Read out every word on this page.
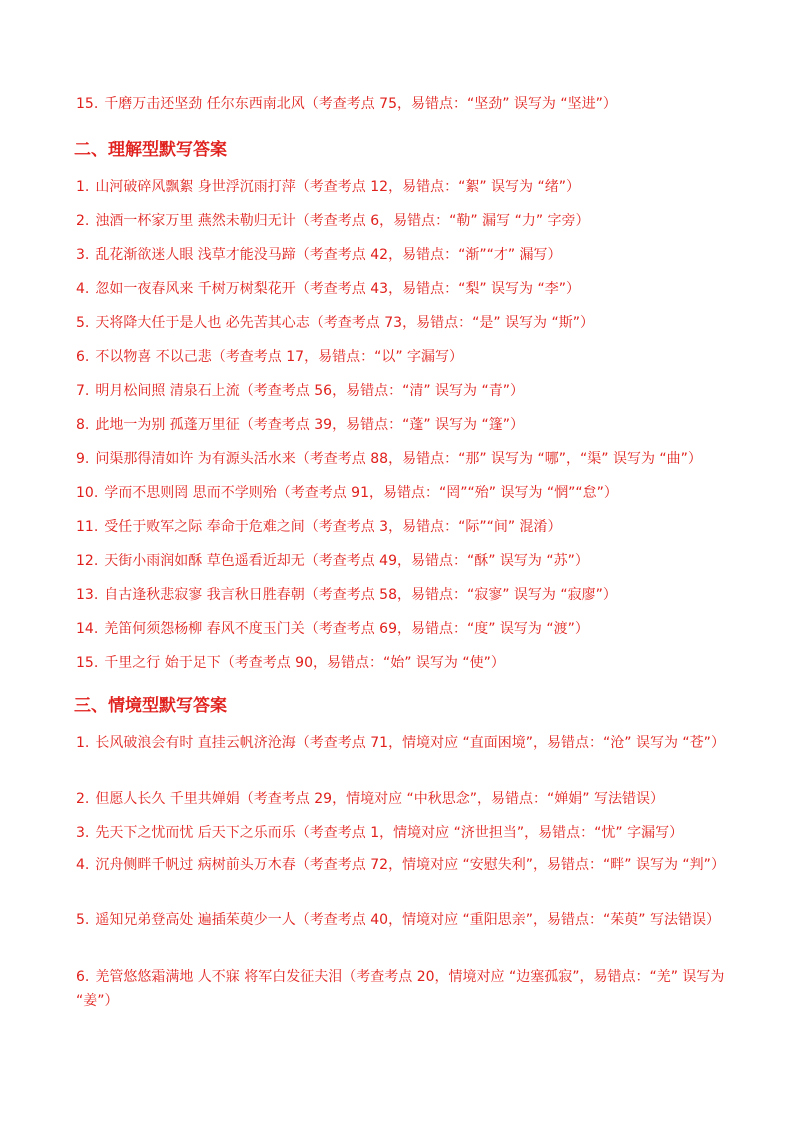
15. 千磨万击还坚劲 任尔东西南北风（考查考点 75，易错点：“坚劲” 误写为 “坚进”）
二、理解型默写答案
1. 山河破碎风飘絮 身世浮沉雨打萍（考查考点 12，易错点：“絮” 误写为 “绪”）
2. 浊酒一杯家万里 燕然未勒归无计（考查考点 6，易错点：“勒” 漏写 “力” 字旁）
3. 乱花渐欲迷人眼 浅草才能没马蹄（考查考点 42，易错点：“渐”“才” 漏写）
4. 忽如一夜春风来 千树万树梨花开（考查考点 43，易错点：“梨” 误写为 “李”）
5. 天将降大任于是人也 必先苦其心志（考查考点 73，易错点：“是” 误写为 “斯”）
6. 不以物喜 不以己悲（考查考点 17，易错点：“以” 字漏写）
7. 明月松间照 清泉石上流（考查考点 56，易错点：“清” 误写为 “青”）
8. 此地一为别 孤蓬万里征（考查考点 39，易错点：“蓬” 误写为 “篷”）
9. 问渠那得清如许 为有源头活水来（考查考点 88，易错点：“那” 误写为 “哪”，“渠” 误写为 “曲”）
10. 学而不思则罔 思而不学则殆（考查考点 91，易错点：“罔”“殆” 误写为 “惘”“怠”）
11. 受任于败军之际 奉命于危难之间（考查考点 3，易错点：“际”“间” 混淆）
12. 天街小雨润如酥 草色遥看近却无（考查考点 49，易错点：“酥” 误写为 “苏”）
13. 自古逢秋悲寂寥 我言秋日胜春朝（考查考点 58，易错点：“寂寥” 误写为 “寂廖”）
14. 羌笛何须怨杨柳 春风不度玉门关（考查考点 69，易错点：“度” 误写为 “渡”）
15. 千里之行 始于足下（考查考点 90，易错点：“始” 误写为 “使”）
三、情境型默写答案
1. 长风破浪会有时 直挂云帆济沧海（考查考点 71，情境对应 “直面困境”，易错点：“沧” 误写为 “苍”）
2. 但愿人长久 千里共婵娟（考查考点 29，情境对应 “中秋思念”，易错点：“婵娟” 写法错误）
3. 先天下之忧而忧 后天下之乐而乐（考查考点 1，情境对应 “济世担当”，易错点：“忧” 字漏写）
4. 沉舟侧畔千帆过 病树前头万木春（考查考点 72，情境对应 “安慰失利”，易错点：“畔” 误写为 “判”）
5. 遥知兄弟登高处 遍插茱萸少一人（考查考点 40，情境对应 “重阳思亲”，易错点：“茱萸” 写法错误）
6. 羌管悠悠霜满地 人不寐 将军白发征夫泪（考查考点 20，情境对应 “边塞孤寂”，易错点：“羌” 误写为 “姜”）
